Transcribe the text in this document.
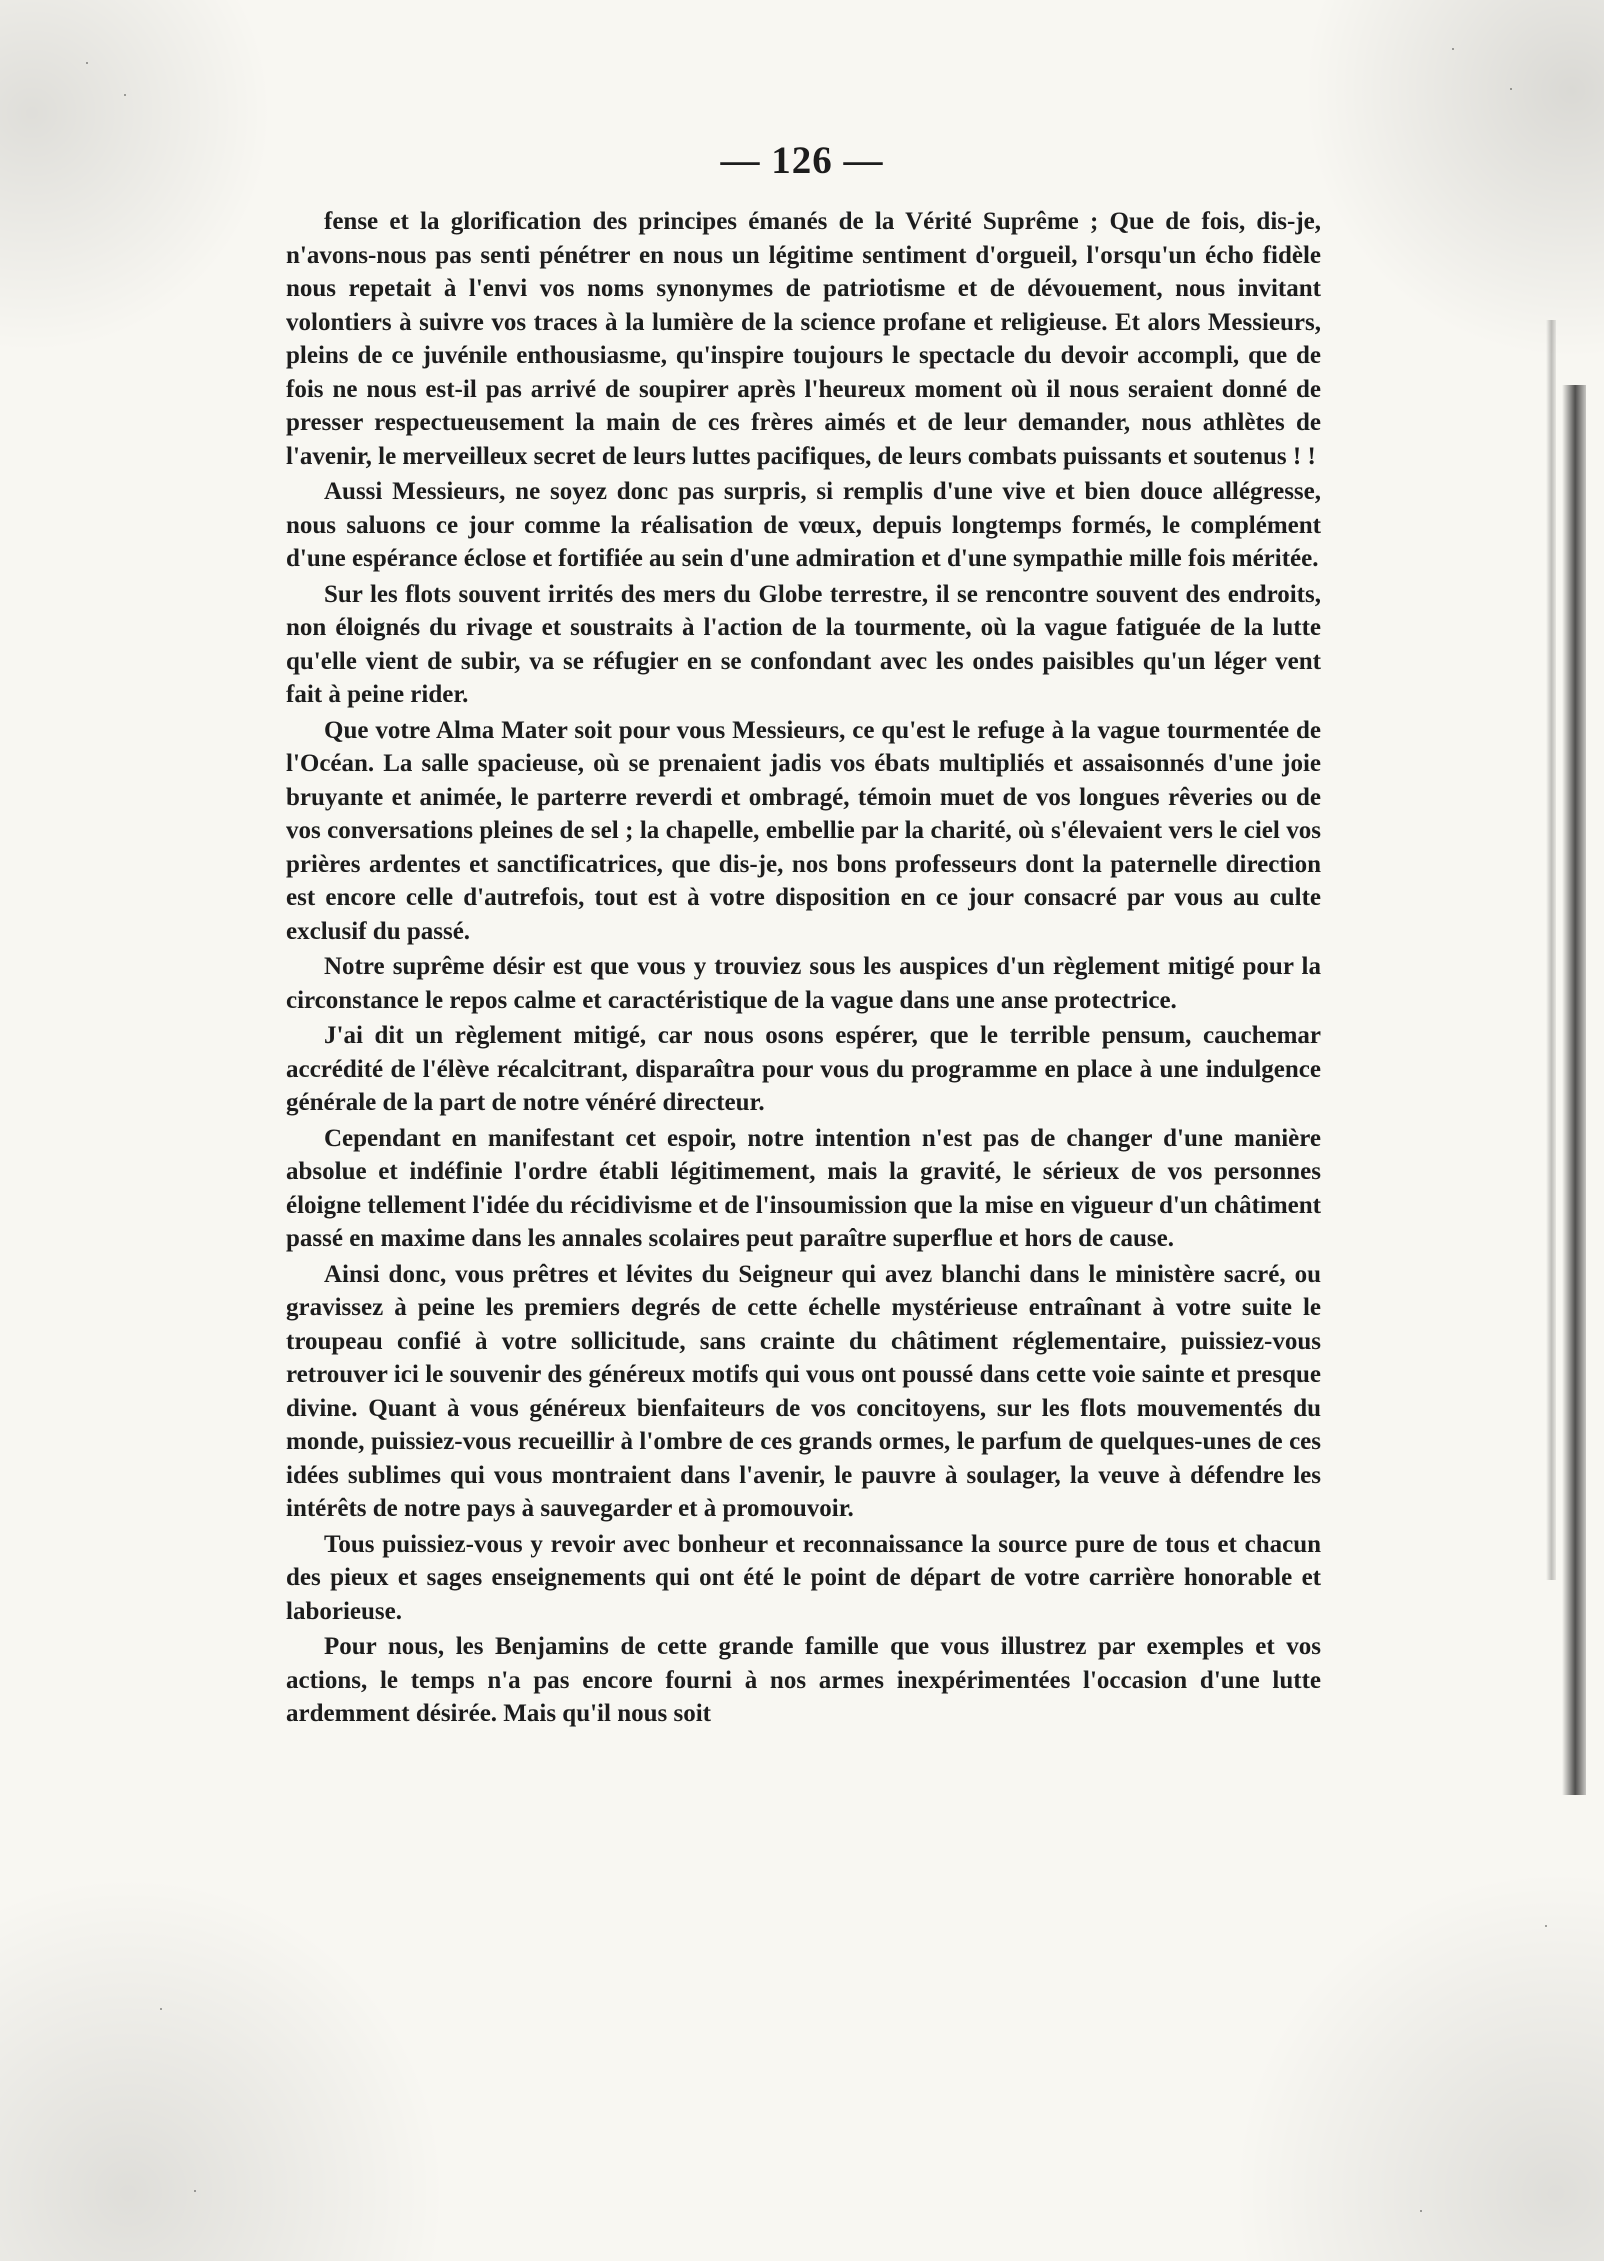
— 126 —

fense et la glorification des principes émanés de la Vérité Suprême ; Que de fois, dis-je, n'avons-nous pas senti pénétrer en nous un légitime sentiment d'orgueil, l'orsqu'un écho fidèle nous repetait à l'envi vos noms synonymes de patriotisme et de dévouement, nous invitant volontiers à suivre vos traces à la lumière de la science profane et religieuse. Et alors Messieurs, pleins de ce juvénile enthousiasme, qu'inspire toujours le spectacle du devoir accompli, que de fois ne nous est-il pas arrivé de soupirer après l'heureux moment où il nous seraient donné de presser respectueusement la main de ces frères aimés et de leur demander, nous athlètes de l'avenir, le merveilleux secret de leurs luttes pacifiques, de leurs combats puissants et soutenus ! !

Aussi Messieurs, ne soyez donc pas surpris, si remplis d'une vive et bien douce allégresse, nous saluons ce jour comme la réalisation de vœux, depuis longtemps formés, le complément d'une espérance éclose et fortifiée au sein d'une admiration et d'une sympathie mille fois méritée.

Sur les flots souvent irrités des mers du Globe terrestre, il se rencontre souvent des endroits, non éloignés du rivage et soustraits à l'action de la tourmente, où la vague fatiguée de la lutte qu'elle vient de subir, va se réfugier en se confondant avec les ondes paisibles qu'un léger vent fait à peine rider.

Que votre Alma Mater soit pour vous Messieurs, ce qu'est le refuge à la vague tourmentée de l'Océan. La salle spacieuse, où se prenaient jadis vos ébats multipliés et assaisonnés d'une joie bruyante et animée, le parterre reverdi et ombragé, témoin muet de vos longues rêveries ou de vos conversations pleines de sel ; la chapelle, embellie par la charité, où s'élevaient vers le ciel vos prières ardentes et sanctificatrices, que dis-je, nos bons professeurs dont la paternelle direction est encore celle d'autrefois, tout est à votre disposition en ce jour consacré par vous au culte exclusif du passé.

Notre suprême désir est que vous y trouviez sous les auspices d'un règlement mitigé pour la circonstance le repos calme et caractéristique de la vague dans une anse protectrice.

J'ai dit un règlement mitigé, car nous osons espérer, que le terrible pensum, cauchemar accrédité de l'élève récalcitrant, disparaîtra pour vous du programme en place à une indulgence générale de la part de notre vénéré directeur.

Cependant en manifestant cet espoir, notre intention n'est pas de changer d'une manière absolue et indéfinie l'ordre établi légitimement, mais la gravité, le sérieux de vos personnes éloigne tellement l'idée du récidivisme et de l'insoumission que la mise en vigueur d'un châtiment passé en maxime dans les annales scolaires peut paraître superflue et hors de cause.

Ainsi donc, vous prêtres et lévites du Seigneur qui avez blanchi dans le ministère sacré, ou gravissez à peine les premiers degrés de cette échelle mystérieuse entraînant à votre suite le troupeau confié à votre sollicitude, sans crainte du châtiment réglementaire, puissiez-vous retrouver ici le souvenir des généreux motifs qui vous ont poussé dans cette voie sainte et presque divine. Quant à vous généreux bienfaiteurs de vos concitoyens, sur les flots mouvementés du monde, puissiez-vous recueillir à l'ombre de ces grands ormes, le parfum de quelques-unes de ces idées sublimes qui vous montraient dans l'avenir, le pauvre à soulager, la veuve à défendre les intérêts de notre pays à sauvegarder et à promouvoir.

Tous puissiez-vous y revoir avec bonheur et reconnaissance la source pure de tous et chacun des pieux et sages enseignements qui ont été le point de départ de votre carrière honorable et laborieuse.

Pour nous, les Benjamins de cette grande famille que vous illustrez par exemples et vos actions, le temps n'a pas encore fourni à nos armes inexpérimentées l'occasion d'une lutte ardemment désirée. Mais qu'il nous soit
